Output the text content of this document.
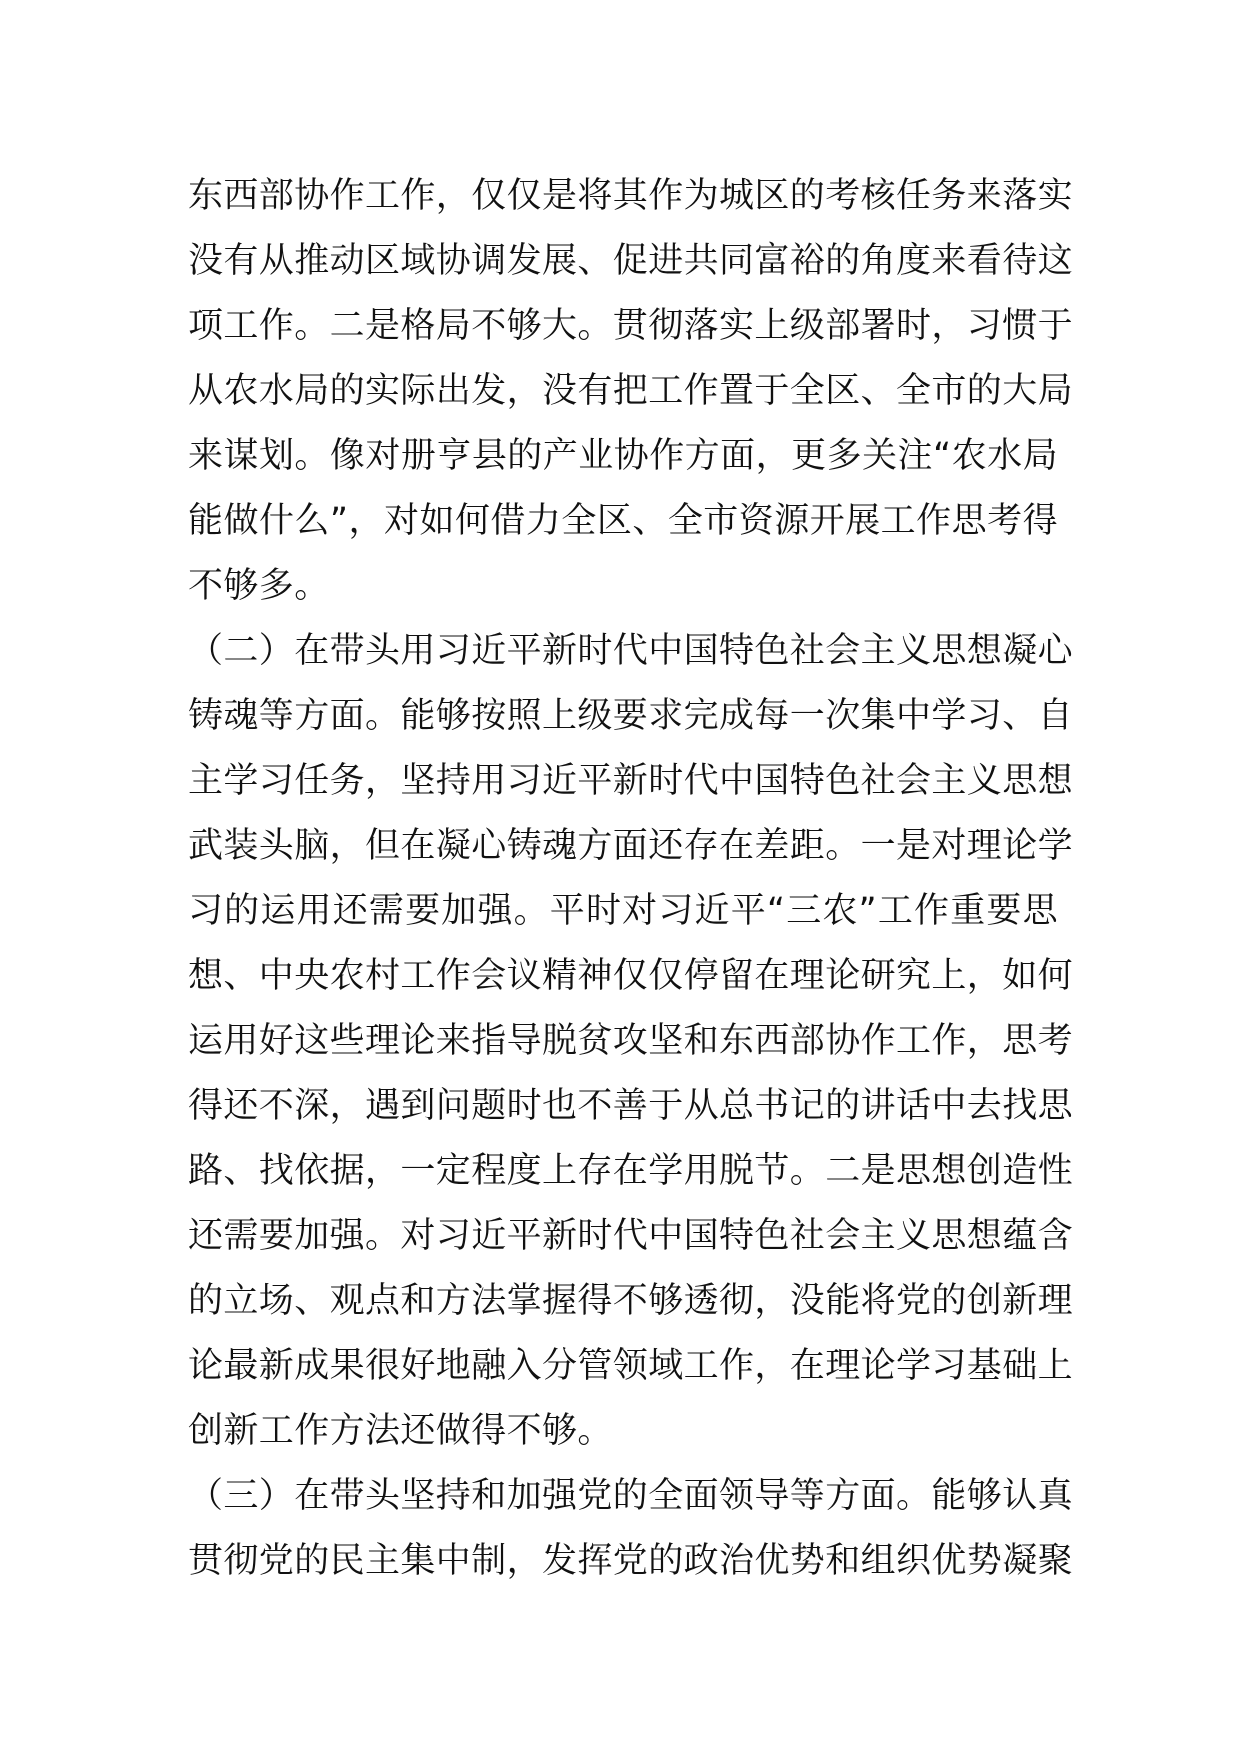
东西部协作工作，仅仅是将其作为城区的考核任务来落实
没有从推动区域协调发展、促进共同富裕的角度来看待这
项工作。二是格局不够大。贯彻落实上级部署时，习惯于
从农水局的实际出发，没有把工作置于全区、全市的大局
来谋划。像对册亨县的产业协作方面，更多关注“农水局
能做什么”，对如何借力全区、全市资源开展工作思考得
不够多。
（二）在带头用习近平新时代中国特色社会主义思想凝心
铸魂等方面。能够按照上级要求完成每一次集中学习、自
主学习任务，坚持用习近平新时代中国特色社会主义思想
武装头脑，但在凝心铸魂方面还存在差距。一是对理论学
习的运用还需要加强。平时对习近平“三农”工作重要思
想、中央农村工作会议精神仅仅停留在理论研究上，如何
运用好这些理论来指导脱贫攻坚和东西部协作工作，思考
得还不深，遇到问题时也不善于从总书记的讲话中去找思
路、找依据，一定程度上存在学用脱节。二是思想创造性
还需要加强。对习近平新时代中国特色社会主义思想蕴含
的立场、观点和方法掌握得不够透彻，没能将党的创新理
论最新成果很好地融入分管领域工作，在理论学习基础上
创新工作方法还做得不够。
（三）在带头坚持和加强党的全面领导等方面。能够认真
贯彻党的民主集中制，发挥党的政治优势和组织优势凝聚
